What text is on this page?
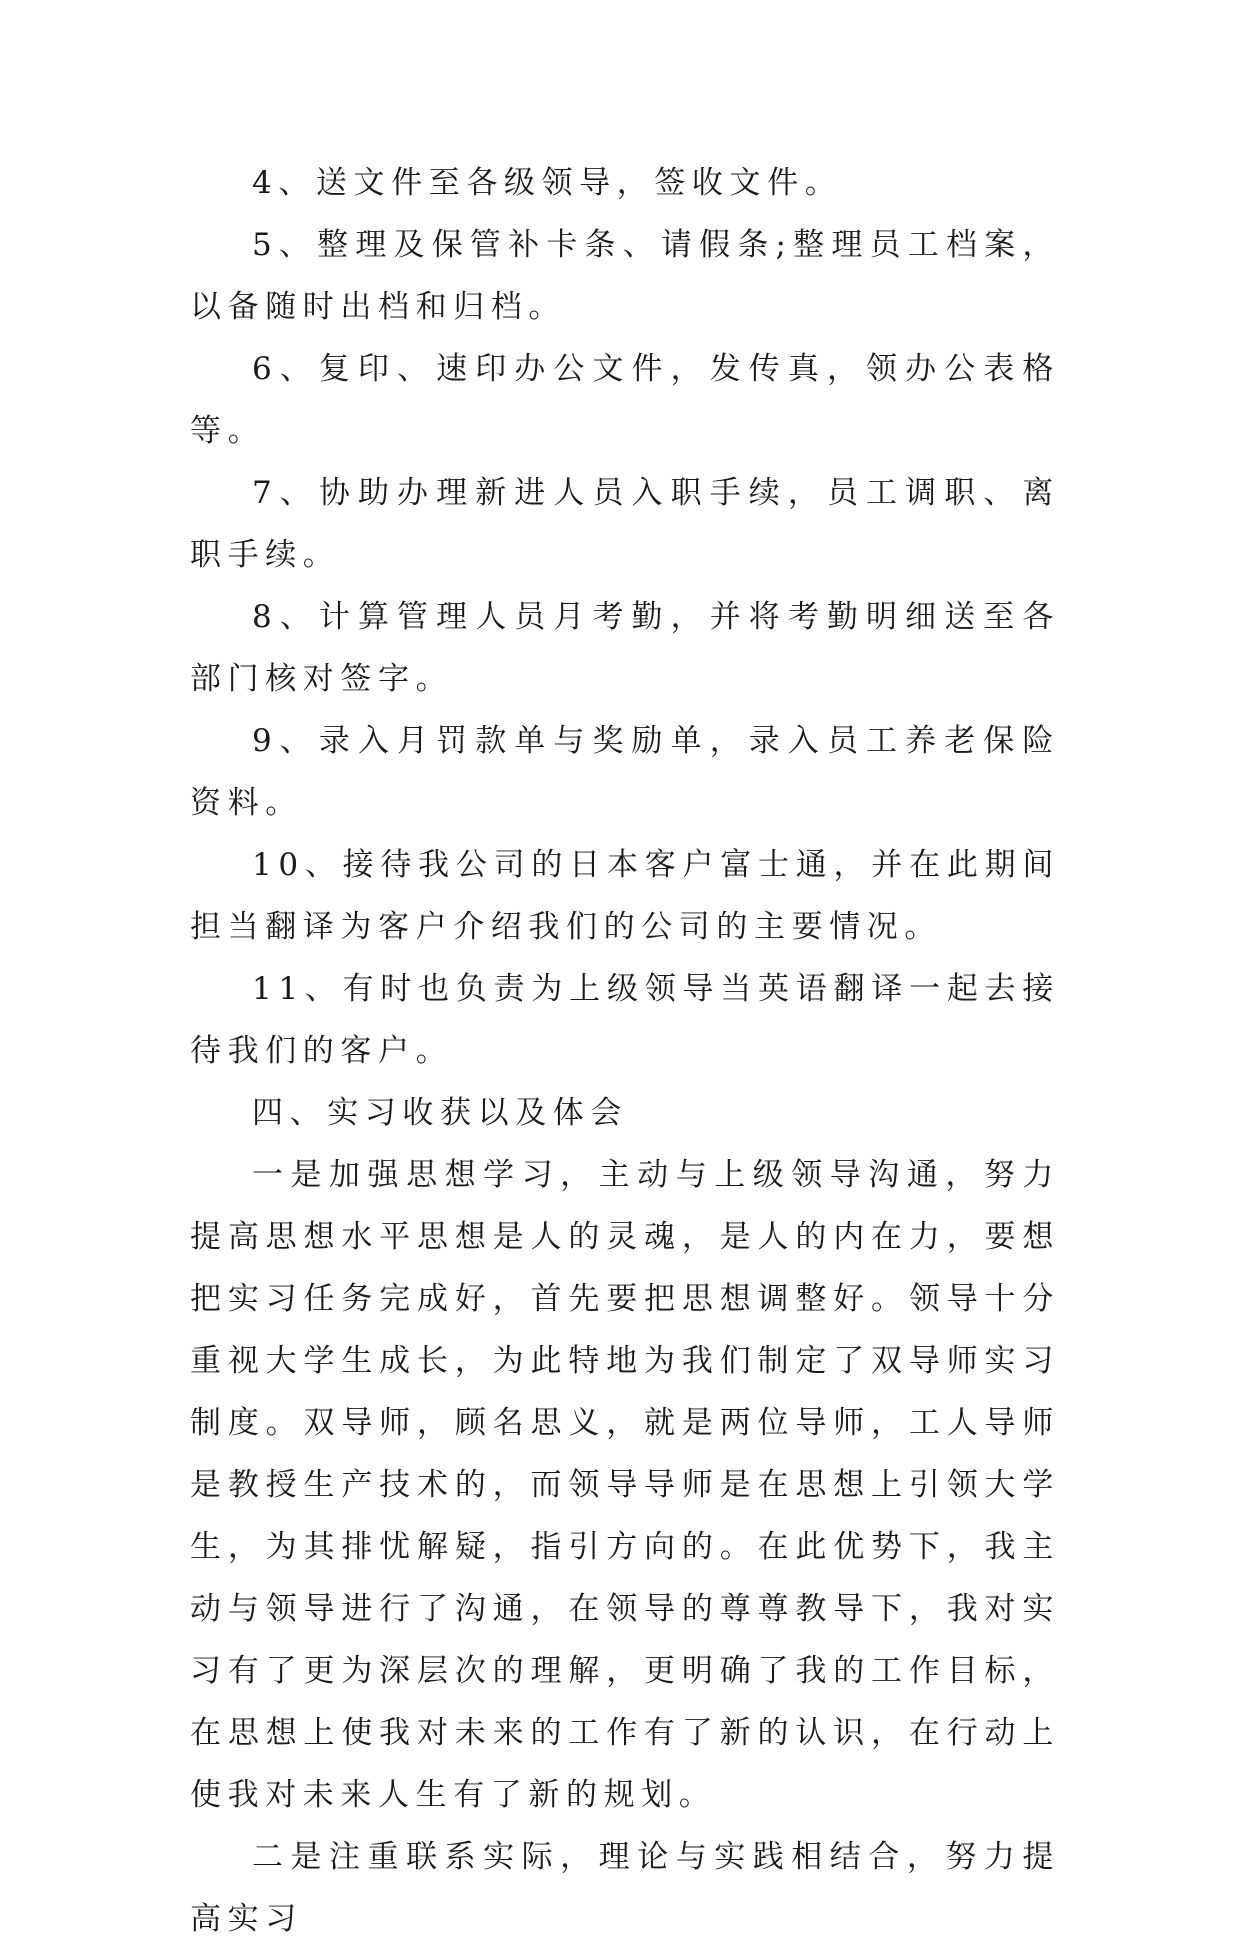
4、送文件至各级领导，签收文件。

5、整理及保管补卡条、请假条;整理员工档案，以备随时出档和归档。

6、复印、速印办公文件，发传真，领办公表格等。

7、协助办理新进人员入职手续，员工调职、离职手续。

8、计算管理人员月考勤，并将考勤明细送至各部门核对签字。

9、录入月罚款单与奖励单，录入员工养老保险资料。

10、接待我公司的日本客户富士通，并在此期间担当翻译为客户介绍我们的公司的主要情况。

11、有时也负责为上级领导当英语翻译一起去接待我们的客户。

四、实习收获以及体会

一是加强思想学习，主动与上级领导沟通，努力提高思想水平思想是人的灵魂，是人的内在力，要想把实习任务完成好，首先要把思想调整好。领导十分重视大学生成长，为此特地为我们制定了双导师实习制度。双导师，顾名思义，就是两位导师，工人导师是教授生产技术的，而领导导师是在思想上引领大学生，为其排忧解疑，指引方向的。在此优势下，我主动与领导进行了沟通，在领导的尊尊教导下，我对实习有了更为深层次的理解，更明确了我的工作目标，在思想上使我对未来的工作有了新的认识，在行动上使我对未来人生有了新的规划。

二是注重联系实际，理论与实践相结合，努力提高实习
